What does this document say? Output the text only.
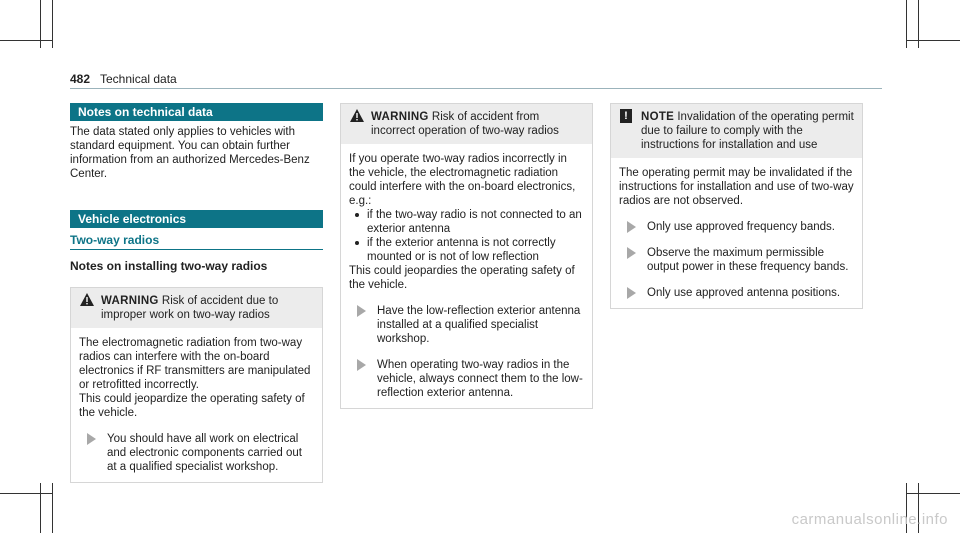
482 Technical data
Notes on technical data

The data stated only applies to vehicles with standard equipment. You can obtain further information from an authorized Mercedes-Benz Center.

Vehicle electronics
Two-way radios
Notes on installing two-way radios
WARNING Risk of accident due to improper work on two-way radios

The electromagnetic radiation from two-way radios can interfere with the on-board electronics if RF transmitters are manipulated or retrofitted incorrectly.

This could jeopardize the operating safety of the vehicle.

You should have all work on electrical and electronic components carried out at a qualified specialist workshop.
WARNING Risk of accident from incorrect operation of two-way radios

If you operate two-way radios incorrectly in the vehicle, the electromagnetic radiation could interfere with the on-board electronics, e.g.:

if the two-way radio is not connected to an exterior antenna
if the exterior antenna is not correctly mounted or is not of low reflection

This could jeopardies the operating safety of the vehicle.

Have the low-reflection exterior antenna installed at a qualified specialist workshop.
When operating two-way radios in the vehicle, always connect them to the low-reflection exterior antenna.
!	NOTE Invalidation of the operating permit due to failure to comply with the instructions for installation and use

The operating permit may be invalidated if the instructions for installation and use of two-way radios are not observed.

Only use approved frequency bands.
Observe the maximum permissible output power in these frequency bands.
Only use approved antenna positions.
carmanualsonline.info
